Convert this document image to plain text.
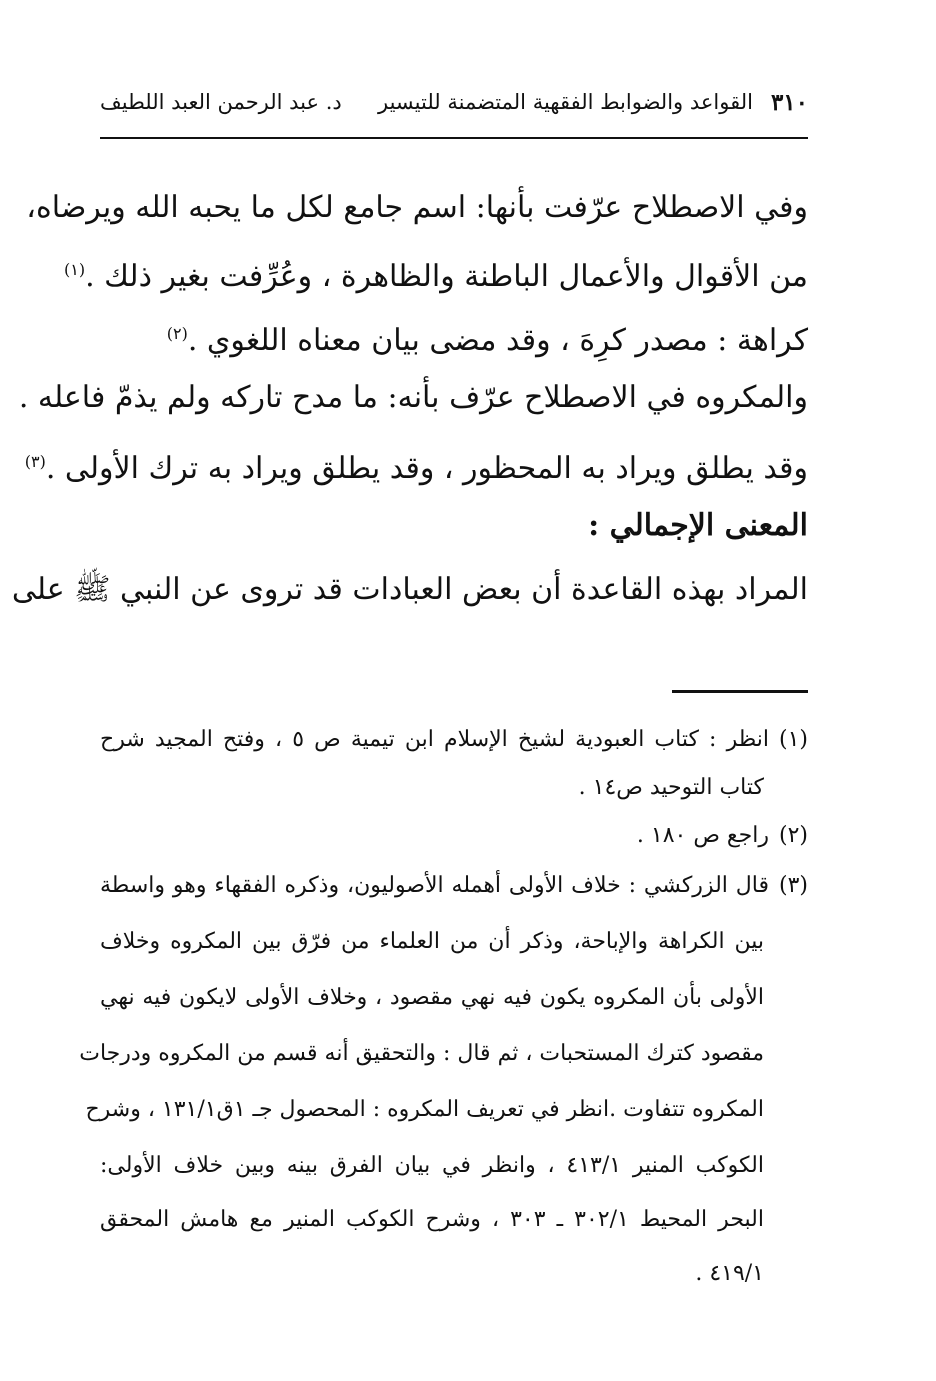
٣١٠
القواعد والضوابط الفقهية المتضمنة للتيسير
د. عبد الرحمن العبد اللطيف
وفي الاصطلاح عرّفت بأنها: اسم جامع لكل ما يحبه الله ويرضاه،
من الأقوال والأعمال الباطنة والظاهرة ، وعُرِّفت بغير ذلك .$^{(١)}$
كراهة : مصدر كرِهَ ، وقد مضى بيان معناه اللغوي .$^{(٢)}$
والمكروه في الاصطلاح عرّف بأنه: ما مدح تاركه ولم يذمّ فاعله .
وقد يطلق ويراد به المحظور ، وقد يطلق ويراد به ترك الأولى .$^{(٣)}$
المعنى الإجمالي :
المراد بهذه القاعدة أن بعض العبادات قد تروى عن النبي ﷺ على
(١)انظر : كتاب العبودية لشيخ الإسلام ابن تيمية ص ٥ ، وفتح المجيد شرح
كتاب التوحيد ص١٤ .
(٢)راجع ص ١٨٠ .
(٣)قال الزركشي : خلاف الأولى أهمله الأصوليون، وذكره الفقهاء وهو واسطة
بين الكراهة والإباحة، وذكر أن من العلماء من فرّق بين المكروه وخلاف
الأولى بأن المكروه يكون فيه نهي مقصود ، وخلاف الأولى لايكون فيه نهي
مقصود كترك المستحبات ، ثم قال : والتحقيق أنه قسم من المكروه ودرجات
المكروه تتفاوت .انظر في تعريف المكروه : المحصول جـ ١ق١٣١/١ ، وشرح
الكوكب المنير ٤١٣/١ ، وانظر في بيان الفرق بينه وبين خلاف الأولى:
البحر المحيط ٣٠٢/١ ـ ٣٠٣ ، وشرح الكوكب المنير مع هامش المحقق
٤١٩/١ .
